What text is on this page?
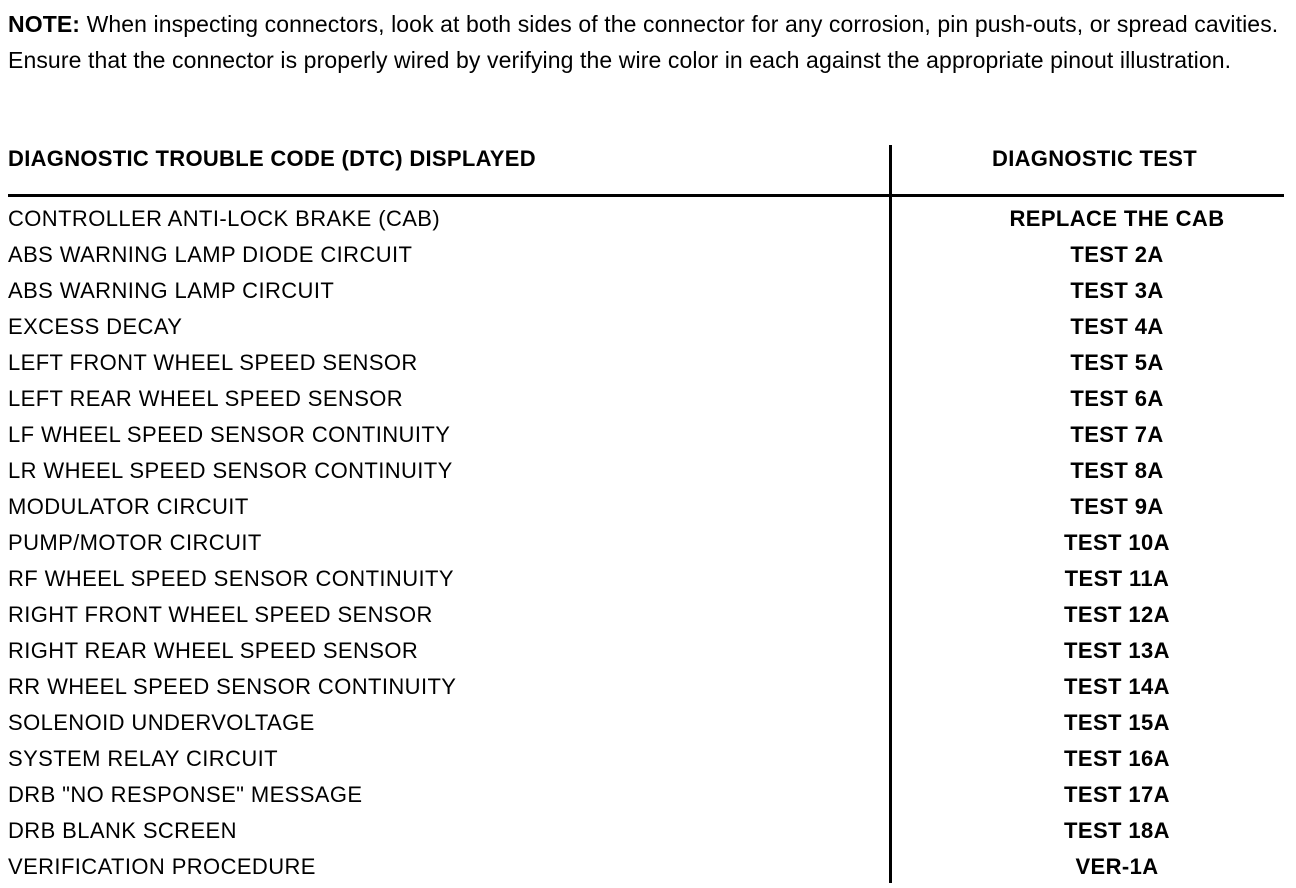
NOTE: When inspecting connectors, look at both sides of the connector for any corrosion, pin push-outs, or spread cavities. Ensure that the connector is properly wired by verifying the wire color in each against the appropriate pinout illustration.
DIAGNOSTIC TROUBLE CODE (DTC) DISPLAYED	DIAGNOSTIC TEST
CONTROLLER ANTI-LOCK BRAKE (CAB)	REPLACE THE CAB
ABS WARNING LAMP DIODE CIRCUIT	TEST 2A
ABS WARNING LAMP CIRCUIT	TEST 3A
EXCESS DECAY	TEST 4A
LEFT FRONT WHEEL SPEED SENSOR	TEST 5A
LEFT REAR WHEEL SPEED SENSOR	TEST 6A
LF WHEEL SPEED SENSOR CONTINUITY	TEST 7A
LR WHEEL SPEED SENSOR CONTINUITY	TEST 8A
MODULATOR CIRCUIT	TEST 9A
PUMP/MOTOR CIRCUIT	TEST 10A
RF WHEEL SPEED SENSOR CONTINUITY	TEST 11A
RIGHT FRONT WHEEL SPEED SENSOR	TEST 12A
RIGHT REAR WHEEL SPEED SENSOR	TEST 13A
RR WHEEL SPEED SENSOR CONTINUITY	TEST 14A
SOLENOID UNDERVOLTAGE	TEST 15A
SYSTEM RELAY CIRCUIT	TEST 16A
DRB "NO RESPONSE" MESSAGE	TEST 17A
DRB BLANK SCREEN	TEST 18A
VERIFICATION PROCEDURE	VER-1A
